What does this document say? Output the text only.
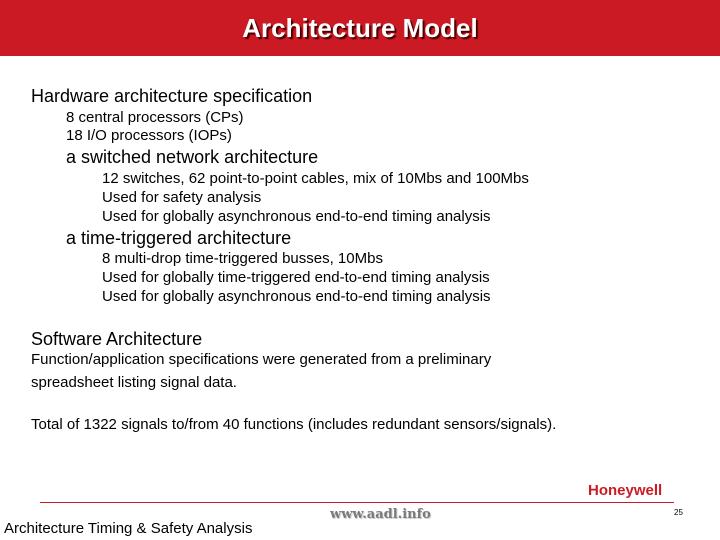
Architecture Model
Hardware architecture specification
8 central processors (CPs)
18 I/O processors (IOPs)
a switched network architecture
12 switches, 62 point-to-point cables, mix of 10Mbs and 100Mbs
Used for safety analysis
Used for globally asynchronous end-to-end timing analysis
a time-triggered architecture
8 multi-drop time-triggered busses, 10Mbs
Used for globally time-triggered end-to-end timing analysis
Used for globally asynchronous end-to-end timing analysis
Software Architecture
Function/application specifications were generated from a preliminary
spreadsheet listing signal data.
Total of 1322 signals to/from 40 functions (includes redundant sensors/signals).
Honeywell
www.aadl.info	25
Architecture Timing & Safety Analysis
